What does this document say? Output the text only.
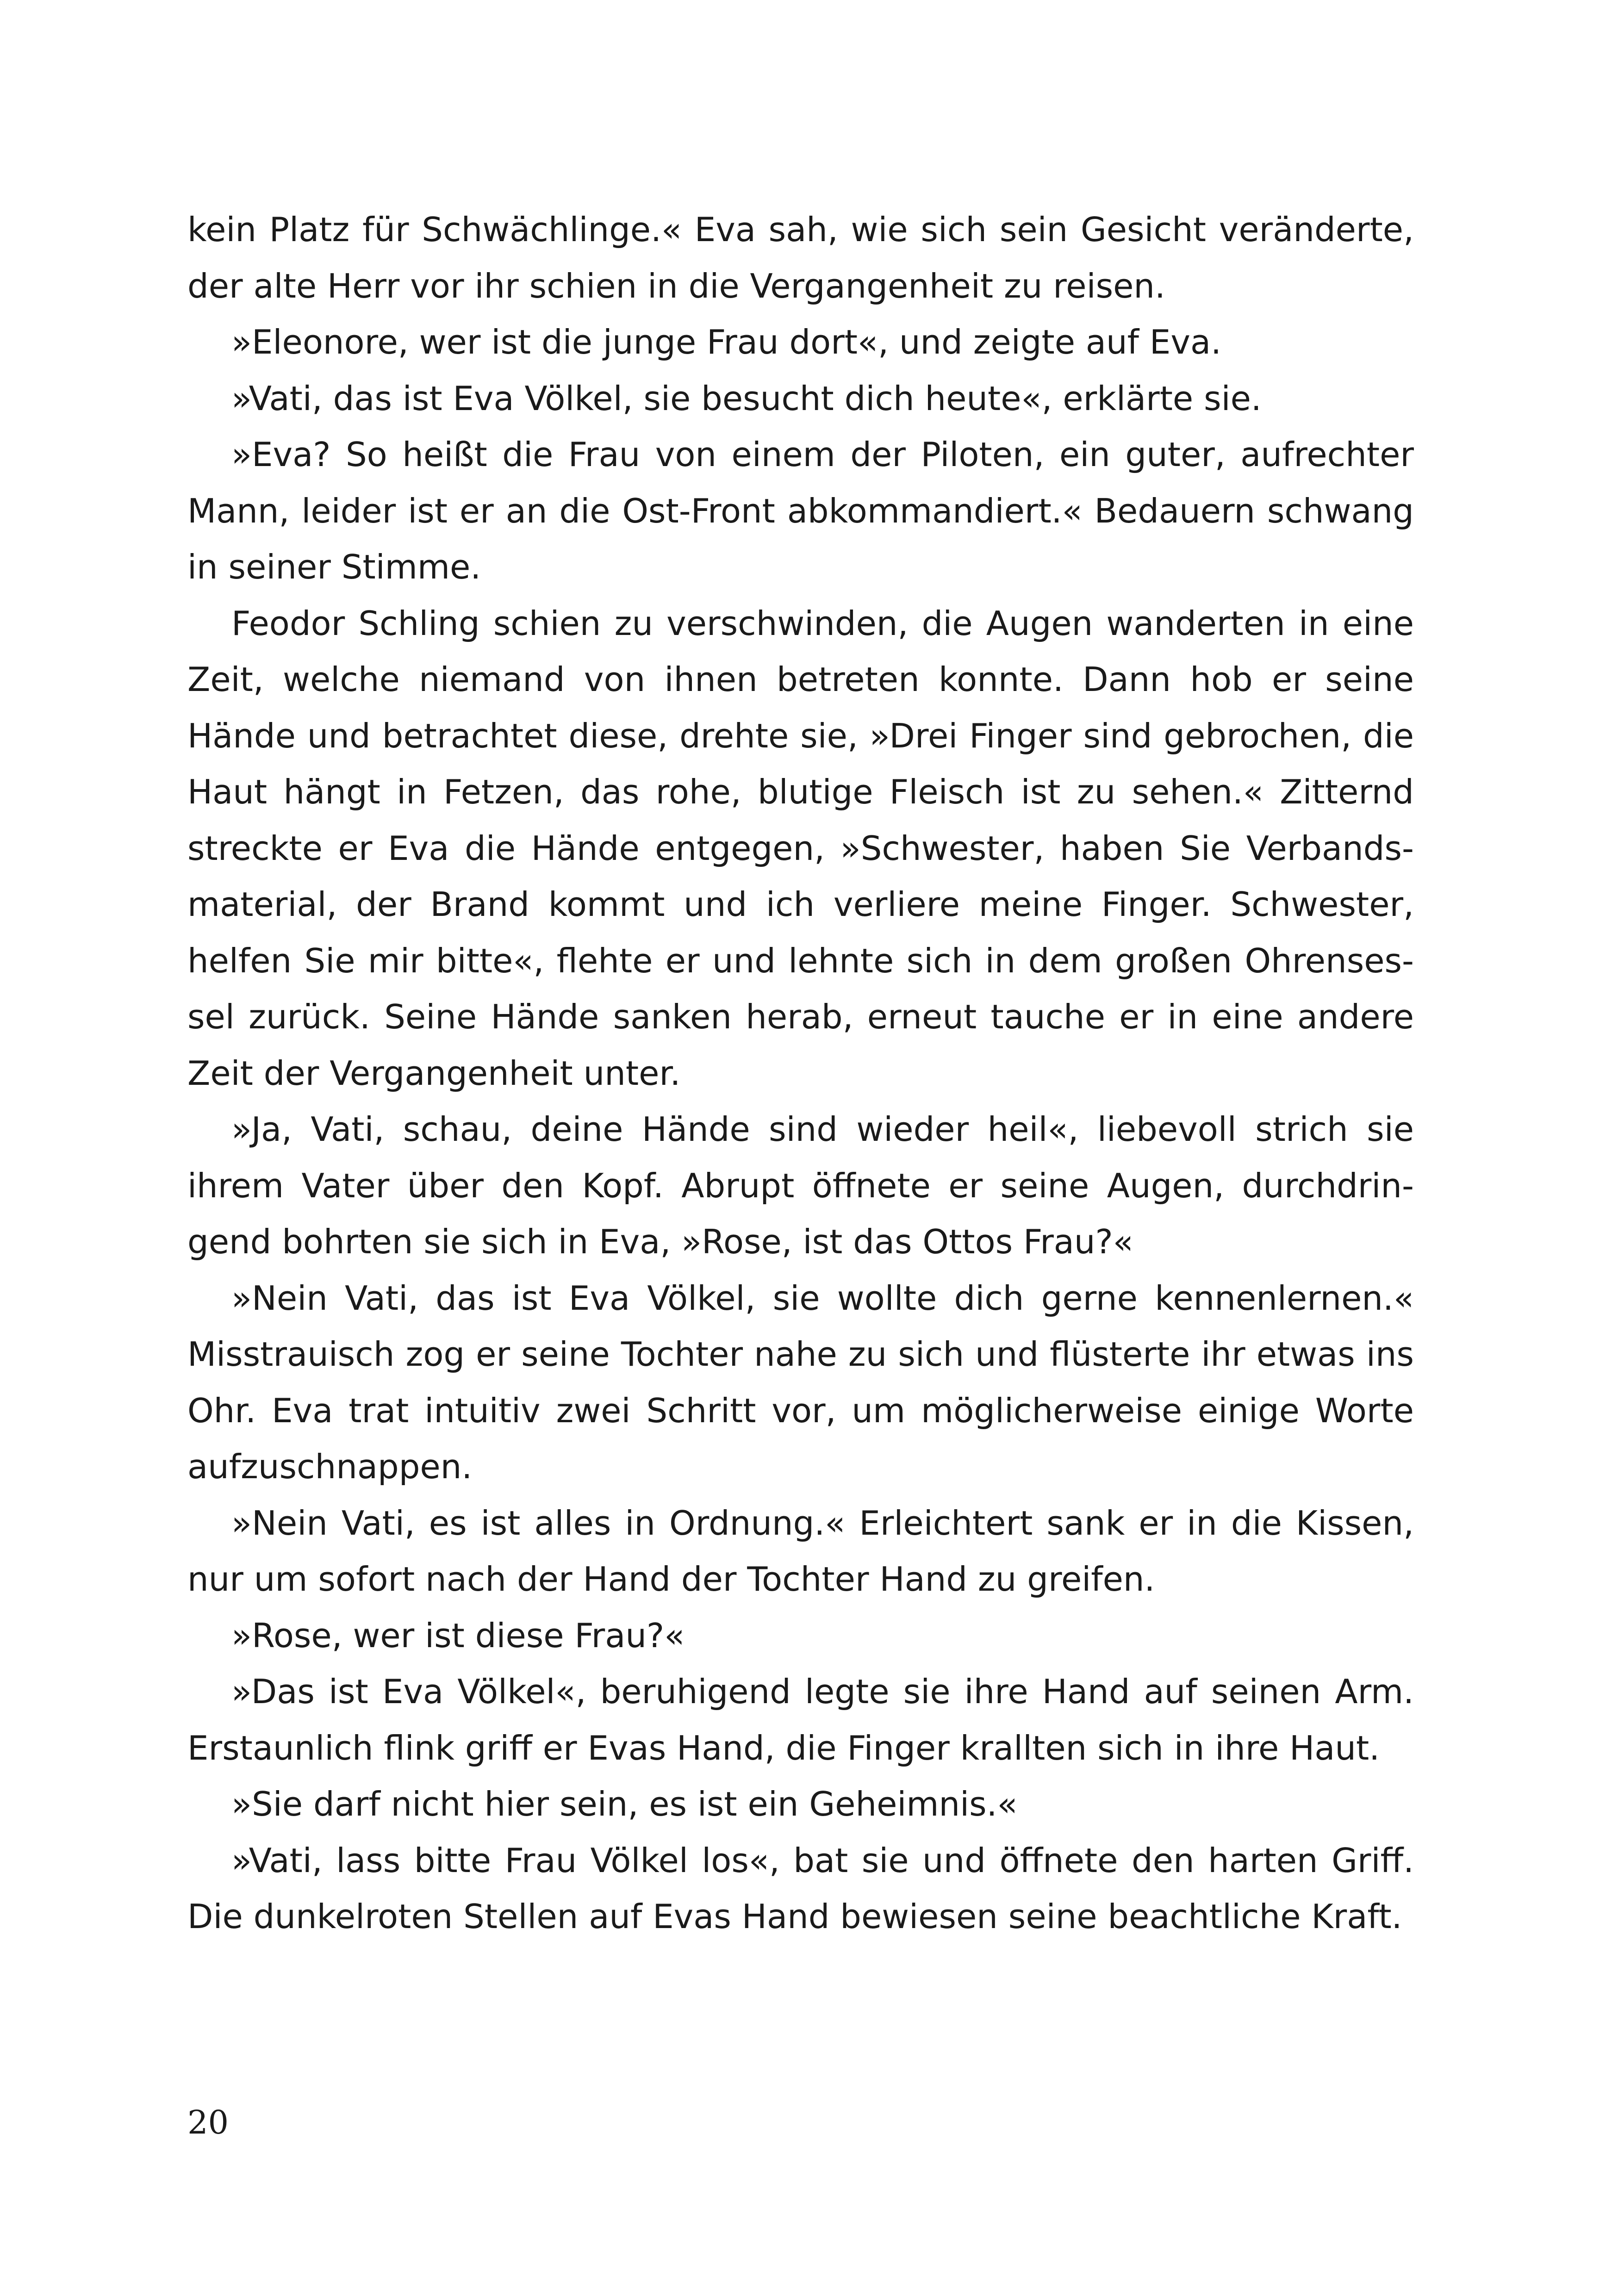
kein Platz für Schwächlinge.« Eva sah, wie sich sein Gesicht veränderte, der alte Herr vor ihr schien in die Vergangenheit zu reisen.

»Eleonore, wer ist die junge Frau dort«, und zeigte auf Eva.

»Vati, das ist Eva Völkel, sie besucht dich heute«, erklärte sie.

»Eva? So heißt die Frau von einem der Piloten, ein guter, aufrechter Mann, leider ist er an die Ost-Front abkommandiert.« Bedauern schwang in seiner Stimme.

Feodor Schling schien zu verschwinden, die Augen wanderten in eine Zeit, welche niemand von ihnen betreten konnte. Dann hob er seine Hände und betrachtet diese, drehte sie, »Drei Finger sind gebrochen, die Haut hängt in Fetzen, das rohe, blutige Fleisch ist zu sehen.« Zitternd streckte er Eva die Hände entgegen, »Schwester, haben Sie Verbandsmaterial, der Brand kommt und ich verliere meine Finger. Schwester, helfen Sie mir bitte«, flehte er und lehnte sich in dem großen Ohrensessel zurück. Seine Hände sanken herab, erneut tauche er in eine andere Zeit der Vergangenheit unter.

»Ja, Vati, schau, deine Hände sind wieder heil«, liebevoll strich sie ihrem Vater über den Kopf. Abrupt öffnete er seine Augen, durchdringend bohrten sie sich in Eva, »Rose, ist das Ottos Frau?«

»Nein Vati, das ist Eva Völkel, sie wollte dich gerne kennenlernen.« Misstrauisch zog er seine Tochter nahe zu sich und flüsterte ihr etwas ins Ohr. Eva trat intuitiv zwei Schritt vor, um möglicherweise einige Worte aufzuschnappen.

»Nein Vati, es ist alles in Ordnung.« Erleichtert sank er in die Kissen, nur um sofort nach der Hand der Tochter Hand zu greifen.

»Rose, wer ist diese Frau?«

»Das ist Eva Völkel«, beruhigend legte sie ihre Hand auf seinen Arm. Erstaunlich flink griff er Evas Hand, die Finger krallten sich in ihre Haut.

»Sie darf nicht hier sein, es ist ein Geheimnis.«

»Vati, lass bitte Frau Völkel los«, bat sie und öffnete den harten Griff. Die dunkelroten Stellen auf Evas Hand bewiesen seine beachtliche Kraft.

20
